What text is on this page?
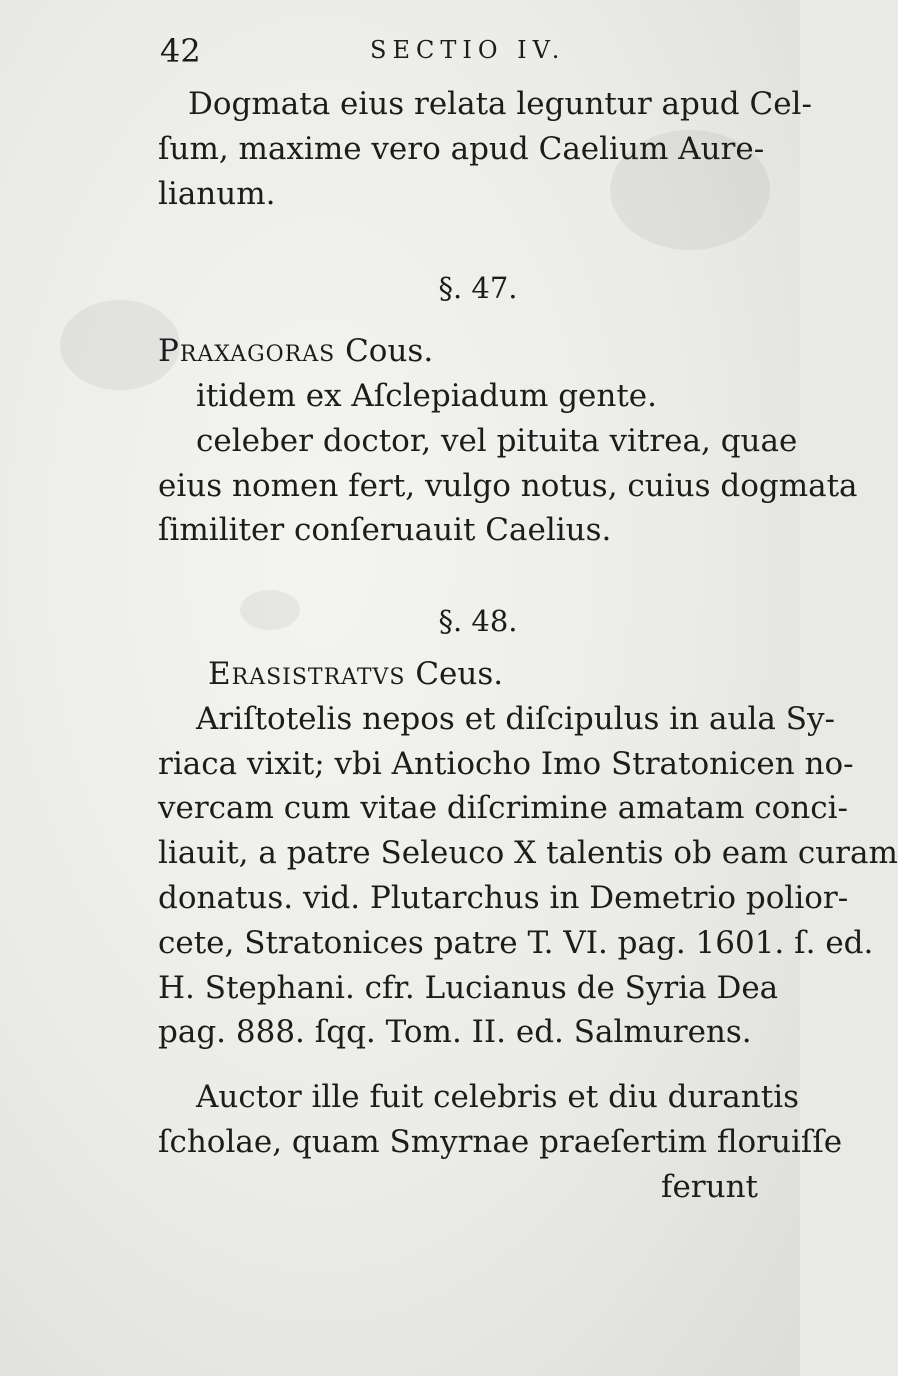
42	SECTIO IV.
Dogmata eius relata leguntur apud Cel-
ſum, maxime vero apud Caelium Aure-
lianum.
§. 47.
Praxagoras Cous.
itidem ex Aſclepiadum gente.
celeber doctor, vel pituita vitrea, quae
eius nomen fert, vulgo notus, cuius dogmata
ſimiliter conſeruauit Caelius.
§. 48.
Erasistratvs Ceus.
Ariſtotelis nepos et diſcipulus in aula Sy-
riaca vixit; vbi Antiocho Imo Stratonicen no-
vercam cum vitae diſcrimine amatam conci-
liauit, a patre Seleuco X talentis ob eam curam
donatus. vid. Plutarchus in Demetrio polior-
cete, Stratonices patre T. VI. pag. 1601. ſ. ed.
H. Stephani. cfr. Lucianus de Syria Dea
pag. 888. ſqq. Tom. II. ed. Salmurens.
Auctor ille fuit celebris et diu durantis
ſcholae, quam Smyrnae praeſertim floruiſſe
ferunt
